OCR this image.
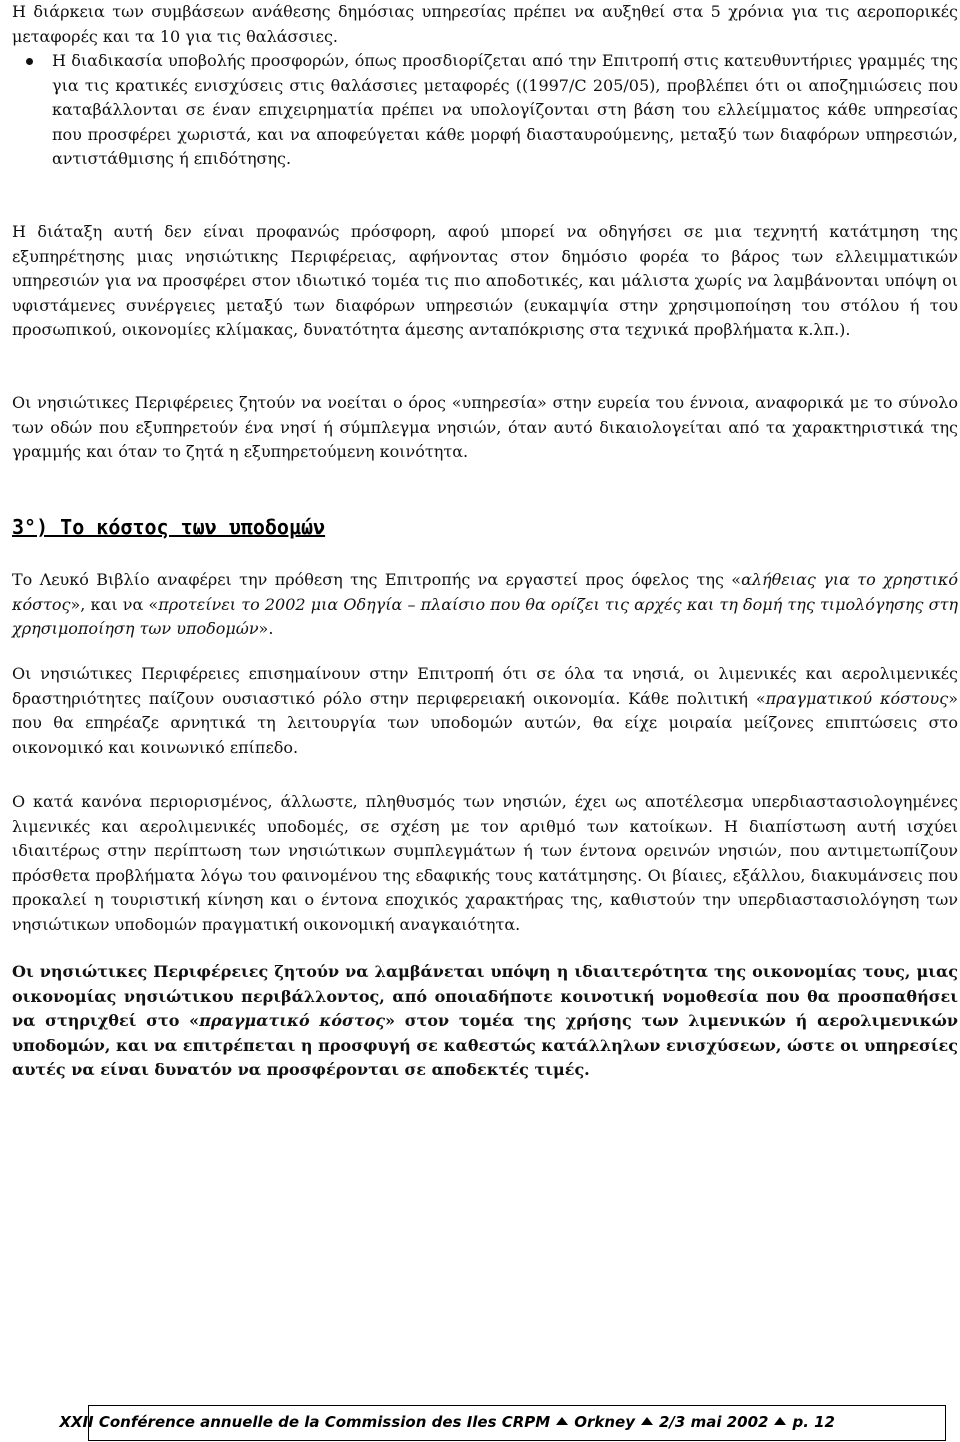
Η διάρκεια των συμβάσεων ανάθεσης δημόσιας υπηρεσίας πρέπει να αυξηθεί στα 5 χρόνια για τις αεροπορικές μεταφορές και τα 10 για τις θαλάσσιες.

Η διαδικασία υποβολής προσφορών, όπως προσδιορίζεται από την Επιτροπή στις κατευθυντήριες γραμμές της για τις κρατικές ενισχύσεις στις θαλάσσιες μεταφορές ((1997/C 205/05), προβλέπει ότι οι αποζημιώσεις που καταβάλλονται σε έναν επιχειρηματία πρέπει να υπολογίζονται στη βάση του ελλείμματος κάθε υπηρεσίας που προσφέρει χωριστά, και να αποφεύγεται κάθε μορφή διασταυρούμενης, μεταξύ των διαφόρων υπηρεσιών, αντιστάθμισης ή επιδότησης.

Η διάταξη αυτή δεν είναι προφανώς πρόσφορη, αφού μπορεί να οδηγήσει σε μια τεχνητή κατάτμηση της εξυπηρέτησης μιας νησιώτικης Περιφέρειας, αφήνοντας στον δημόσιο φορέα το βάρος των ελλειμματικών υπηρεσιών για να προσφέρει στον ιδιωτικό τομέα τις πιο αποδοτικές, και μάλιστα χωρίς να λαμβάνονται υπόψη οι υφιστάμενες συνέργειες μεταξύ των διαφόρων υπηρεσιών (ευκαμψία στην χρησιμοποίηση του στόλου ή του προσωπικού, οικονομίες κλίμακας, δυνατότητα άμεσης ανταπόκρισης στα τεχνικά προβλήματα κ.λπ.).

Οι νησιώτικες Περιφέρειες ζητούν να νοείται ο όρος «υπηρεσία» στην ευρεία του έννοια, αναφορικά με το σύνολο των οδών που εξυπηρετούν ένα νησί ή σύμπλεγμα νησιών, όταν αυτό δικαιολογείται από τα χαρακτηριστικά της γραμμής και όταν το ζητά η εξυπηρετούμενη κοινότητα.

3°) Το κόστος των υποδομών

Το Λευκό Βιβλίο αναφέρει την πρόθεση της Επιτροπής να εργαστεί προς όφελος της «αλήθειας για το χρηστικό κόστος», και να «προτείνει το 2002 μια Οδηγία – πλαίσιο που θα ορίζει τις αρχές και τη δομή της τιμολόγησης στη χρησιμοποίηση των υποδομών».

Οι νησιώτικες Περιφέρειες επισημαίνουν στην Επιτροπή ότι σε όλα τα νησιά, οι λιμενικές και αερολιμενικές δραστηριότητες παίζουν ουσιαστικό ρόλο στην περιφερειακή οικονομία. Κάθε πολιτική «πραγματικού κόστους» που θα επηρέαζε αρνητικά τη λειτουργία των υποδομών αυτών, θα είχε μοιραία μείζονες επιπτώσεις στο οικονομικό και κοινωνικό επίπεδο.

Ο κατά κανόνα περιορισμένος, άλλωστε, πληθυσμός των νησιών, έχει ως αποτέλεσμα υπερδιαστασιολογημένες λιμενικές και αερολιμενικές υποδομές, σε σχέση με τον αριθμό των κατοίκων. Η διαπίστωση αυτή ισχύει ιδιαιτέρως στην περίπτωση των νησιώτικων συμπλεγμάτων ή των έντονα ορεινών νησιών, που αντιμετωπίζουν πρόσθετα προβλήματα λόγω του φαινομένου της εδαφικής τους κατάτμησης. Οι βίαιες, εξάλλου, διακυμάνσεις που προκαλεί η τουριστική κίνηση και ο έντονα εποχικός χαρακτήρας της, καθιστούν την υπερδιαστασιολόγηση των νησιώτικων υποδομών πραγματική οικονομική αναγκαιότητα.

Οι νησιώτικες Περιφέρειες ζητούν να λαμβάνεται υπόψη η ιδιαιτερότητα της οικονομίας τους, μιας οικονομίας νησιώτικου περιβάλλοντος, από οποιαδήποτε κοινοτική νομοθεσία που θα προσπαθήσει να στηριχθεί στο «πραγματικό κόστος» στον τομέα της χρήσης των λιμενικών ή αερολιμενικών υποδομών, και να επιτρέπεται η προσφυγή σε καθεστώς κατάλληλων ενισχύσεων, ώστε οι υπηρεσίες αυτές να είναι δυνατόν να προσφέρονται σε αποδεκτές τιμές.

XXII Conférence annuelle de la Commission des Iles CRPM Orkney 2/3 mai 2002 p. 12
